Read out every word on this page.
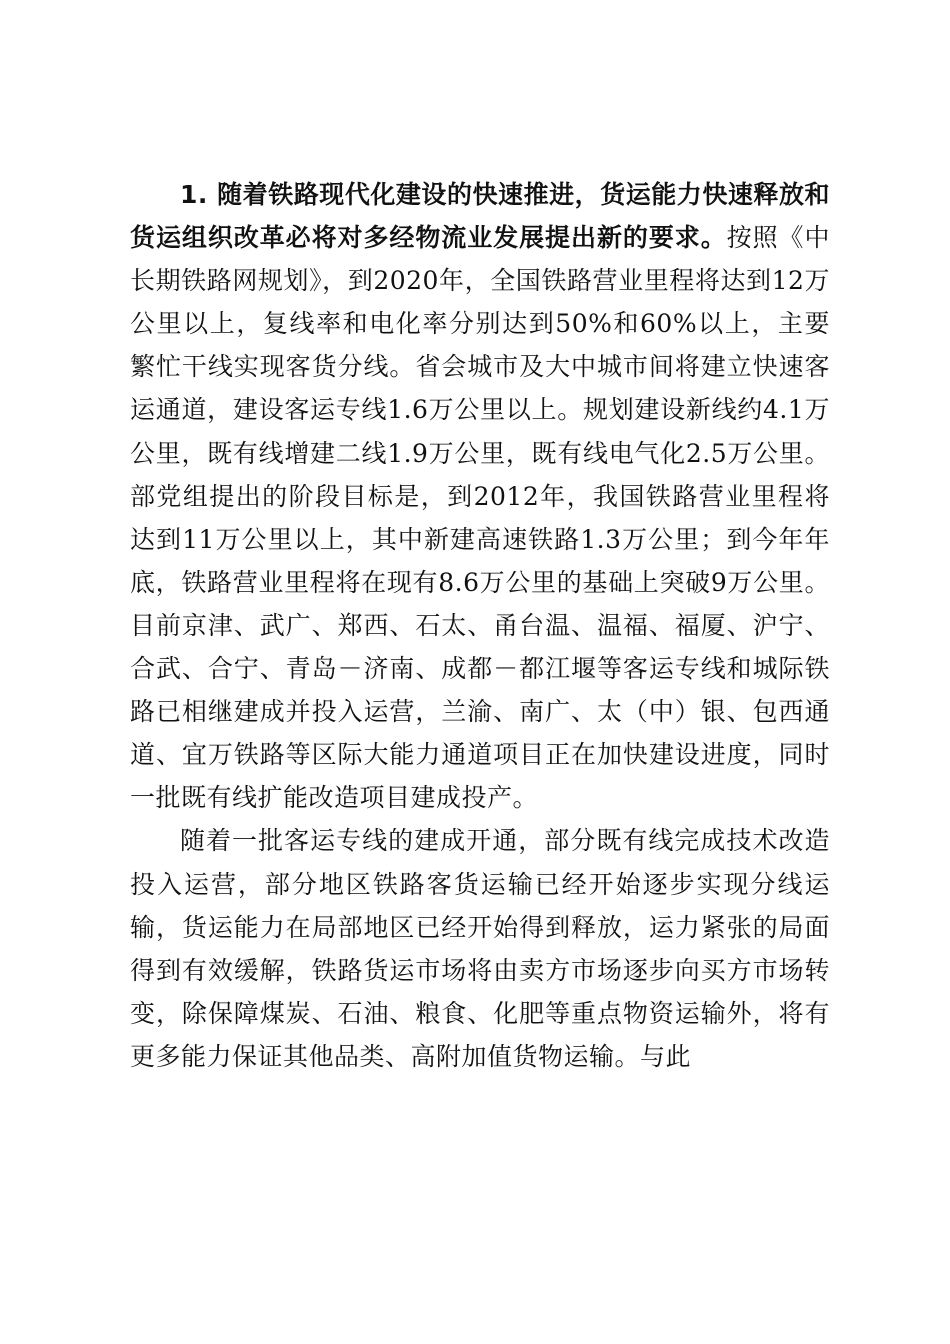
1. 随着铁路现代化建设的快速推进，货运能力快速释放和货运组织改革必将对多经物流业发展提出新的要求。按照《中长期铁路网规划》，到2020年，全国铁路营业里程将达到12万公里以上，复线率和电化率分别达到50%和60%以上，主要繁忙干线实现客货分线。省会城市及大中城市间将建立快速客运通道，建设客运专线1.6万公里以上。规划建设新线约4.1万公里，既有线增建二线1.9万公里，既有线电气化2.5万公里。部党组提出的阶段目标是，到2012年，我国铁路营业里程将达到11万公里以上，其中新建高速铁路1.3万公里；到今年年底，铁路营业里程将在现有8.6万公里的基础上突破9万公里。目前京津、武广、郑西、石太、甬台温、温福、福厦、沪宁、合武、合宁、青岛－济南、成都－都江堰等客运专线和城际铁路已相继建成并投入运营，兰渝、南广、太（中）银、包西通道、宜万铁路等区际大能力通道项目正在加快建设进度，同时一批既有线扩能改造项目建成投产。

随着一批客运专线的建成开通，部分既有线完成技术改造投入运营，部分地区铁路客货运输已经开始逐步实现分线运输，货运能力在局部地区已经开始得到释放，运力紧张的局面得到有效缓解，铁路货运市场将由卖方市场逐步向买方市场转变，除保障煤炭、石油、粮食、化肥等重点物资运输外，将有更多能力保证其他品类、高附加值货物运输。与此
